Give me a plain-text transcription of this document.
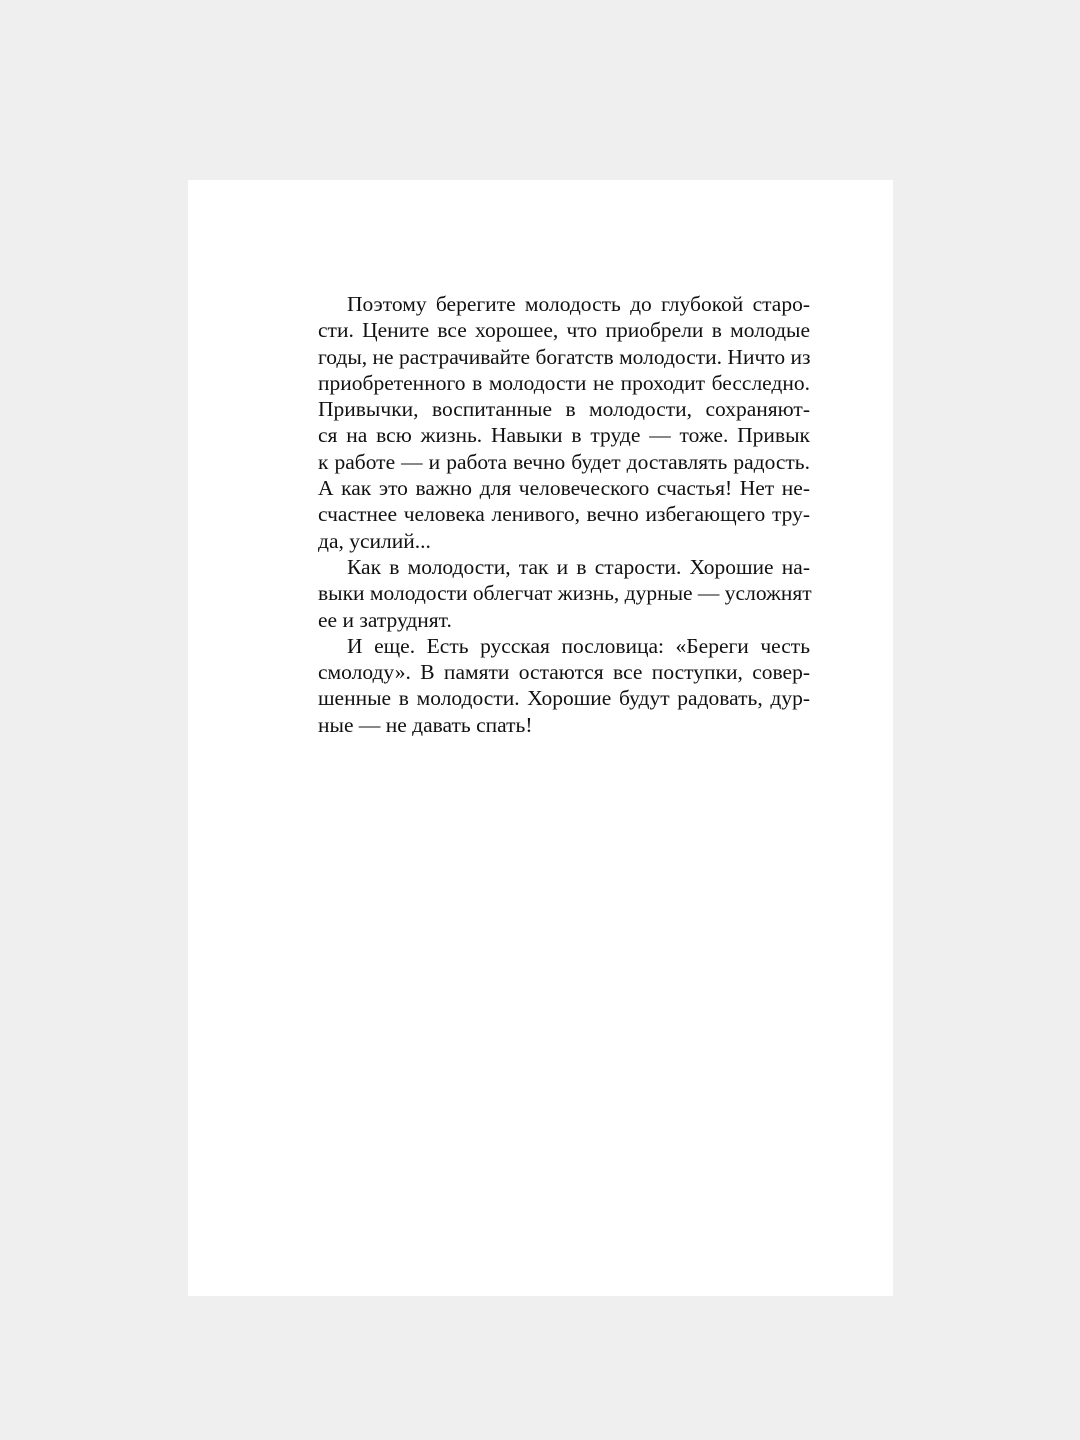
Поэтому берегите молодость до глубокой старо-
сти. Цените все хорошее, что приобрели в молодые
годы, не растрачивайте богатств молодости. Ничто из
приобретенного в молодости не проходит бесследно.
Привычки, воспитанные в молодости, сохраняют-
ся на всю жизнь. Навыки в труде — тоже. Привык
к работе — и работа вечно будет доставлять радость.
А как это важно для человеческого счастья! Нет не-
счастнее человека ленивого, вечно избегающего тру-
да, усилий...
Как в молодости, так и в старости. Хорошие на-
выки молодости облегчат жизнь, дурные — усложнят
ее и затруднят.
И еще. Есть русская пословица: «Береги честь
смолоду». В памяти остаются все поступки, совер-
шенные в молодости. Хорошие будут радовать, дур-
ные — не давать спать!
